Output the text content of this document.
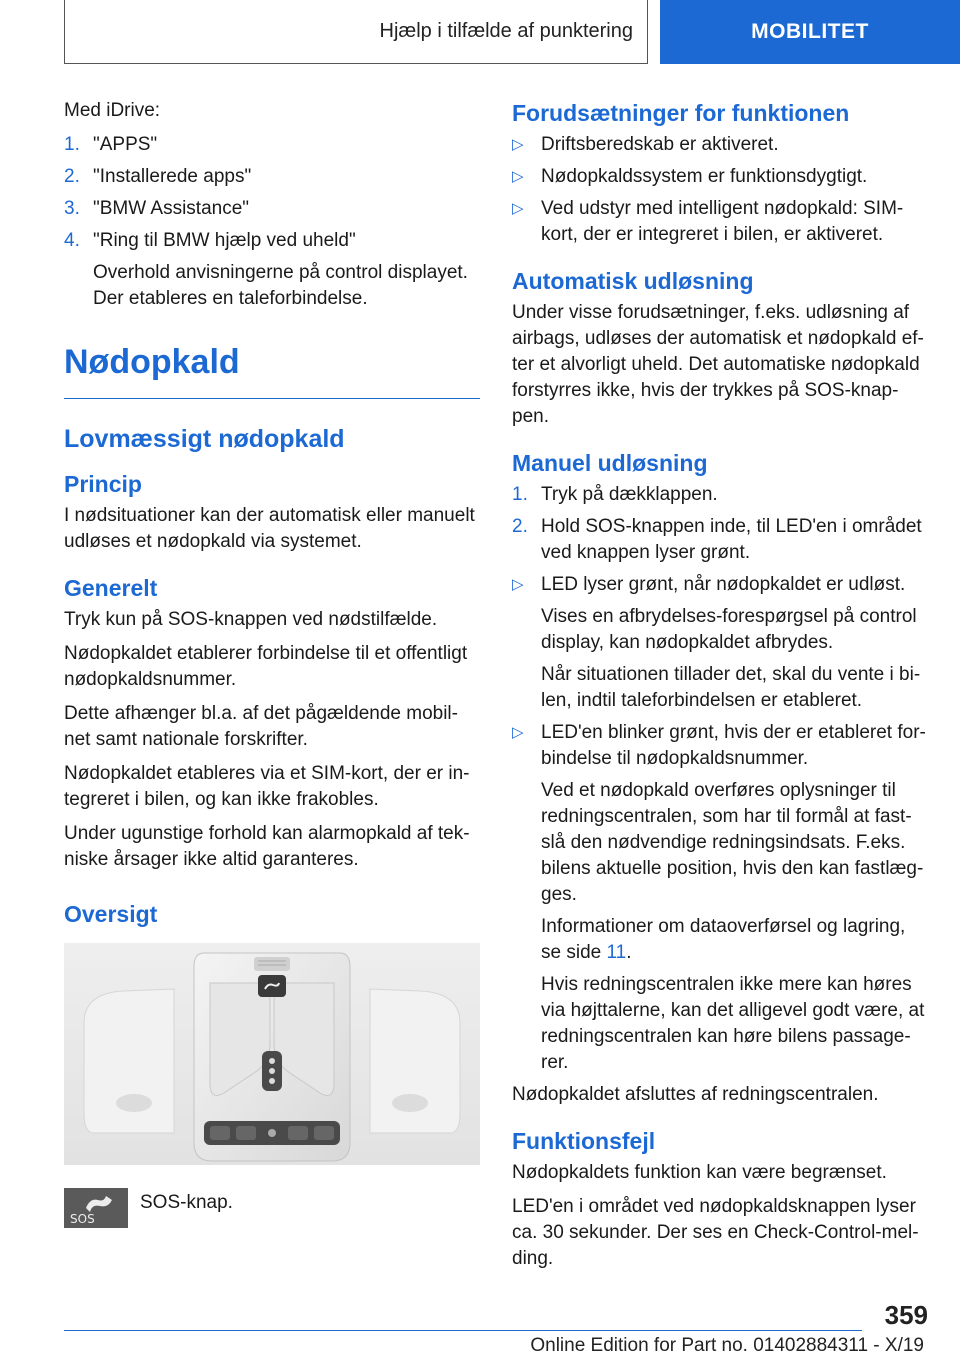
Hjælp i tilfælde af punktering	MOBILITET

Med iDrive:

1. "APPS"
2. "Installerede apps"
3. "BMW Assistance"
4. "Ring til BMW hjælp ved uheld"
Overhold anvisningerne på control displayet. Der etableres en taleforbindelse.
Nødopkald
Lovmæssigt nødopkald
Princip

I nødsituationer kan der automatisk eller manuelt udløses et nødopkald via systemet.

Generelt

Tryk kun på SOS-knappen ved nødstilfælde.

Nødopkaldet etablerer forbindelse til et offentligt nødopkaldsnummer.

Dette afhænger bl.a. af det pågældende mobil-net samt nationale forskrifter.

Nødopkaldet etableres via et SIM-kort, der er in-tegreret i bilen, og kan ikke frakobles.

Under ugunstige forhold kan alarmopkald af tek-niske årsager ikke altid garanteres.

Oversigt
SOS

SOS-knap.

Forudsætninger for funktionen
▷ Driftsberedskab er aktiveret.
▷ Nødopkaldssystem er funktionsdygtigt.
▷ Ved udstyr med intelligent nødopkald: SIM-kort, der er integreret i bilen, er aktiveret.
Automatisk udløsning

Under visse forudsætninger, f.eks. udløsning af airbags, udløses der automatisk et nødopkald ef-ter et alvorligt uheld. Det automatiske nødopkald forstyrres ikke, hvis der trykkes på SOS-knap-pen.

Manuel udløsning
1. Tryk på dækklappen.
2. Hold SOS-knappen inde, til LED'en i området ved knappen lyser grønt.
▷ LED lyser grønt, når nødopkaldet er udløst.
Vises en afbrydelses-forespørgsel på control display, kan nødopkaldet afbrydes.
Når situationen tillader det, skal du vente i bi-len, indtil taleforbindelsen er etableret.
▷ LED'en blinker grønt, hvis der er etableret for-bindelse til nødopkaldsnummer.
Ved et nødopkald overføres oplysninger til redningscentralen, som har til formål at fast-slå den nødvendige redningsindsats. F.eks. bilens aktuelle position, hvis den kan fastlæg-ges.
Informationer om dataoverførsel og lagring, se side 11.
Hvis redningscentralen ikke mere kan høres via højttalerne, kan det alligevel godt være, at redningscentralen kan høre bilens passage-rer.

Nødopkaldet afsluttes af redningscentralen.

Funktionsfejl

Nødopkaldets funktion kan være begrænset.

LED'en i området ved nødopkaldsknappen lyser ca. 30 sekunder. Der ses en Check-Control-mel-ding.

359
Online Edition for Part no. 01402884311 - X/19
